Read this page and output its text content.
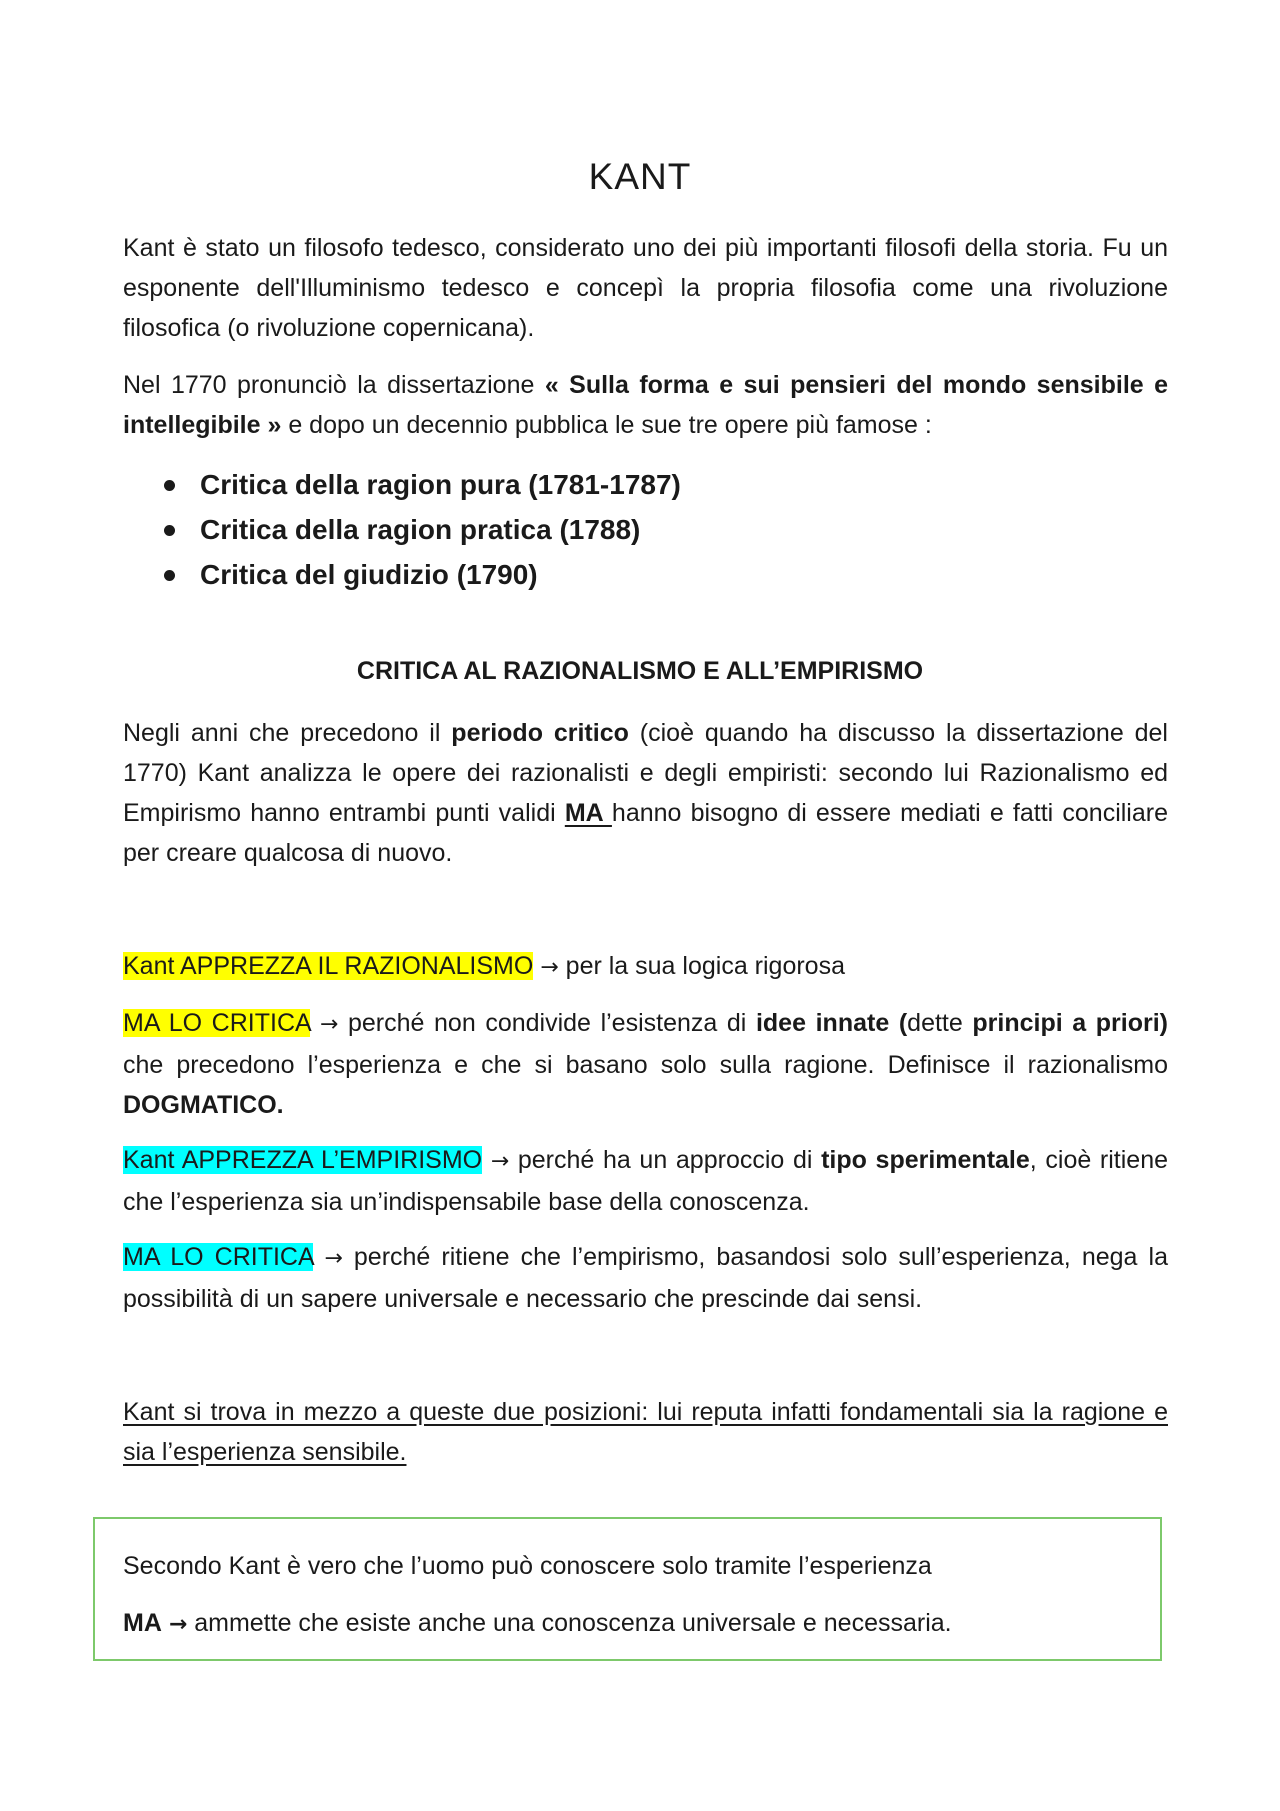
KANT

Kant è stato un filosofo tedesco, considerato uno dei più importanti filosofi della storia. Fu un esponente dell'Illuminismo tedesco e concepì la propria filosofia come una rivoluzione filosofica (o rivoluzione copernicana).

Nel 1770 pronunciò la dissertazione « Sulla forma e sui pensieri del mondo sensibile e intellegibile » e dopo un decennio pubblica le sue tre opere più famose :

Critica della ragion pura (1781-1787)
Critica della ragion pratica (1788)
Critica del giudizio (1790)
CRITICA AL RAZIONALISMO E ALL’EMPIRISMO

Negli anni che precedono il periodo critico (cioè quando ha discusso la dissertazione del 1770) Kant analizza le opere dei razionalisti e degli empiristi: secondo lui Razionalismo ed Empirismo hanno entrambi punti validi MA hanno bisogno di essere mediati e fatti conciliare per creare qualcosa di nuovo.

Kant APPREZZA IL RAZIONALISMO → per la sua logica rigorosa

MA LO CRITICA → perché non condivide l’esistenza di idee innate (dette principi a priori) che precedono l’esperienza e che si basano solo sulla ragione. Definisce il razionalismo DOGMATICO.

Kant APPREZZA L’EMPIRISMO → perché ha un approccio di tipo sperimentale, cioè ritiene che l’esperienza sia un’indispensabile base della conoscenza.

MA LO CRITICA → perché ritiene che l’empirismo, basandosi solo sull’esperienza, nega la possibilità di un sapere universale e necessario che prescinde dai sensi.

Kant si trova in mezzo a queste due posizioni: lui reputa infatti fondamentali sia la ragione e sia l’esperienza sensibile.

Secondo Kant è vero che l’uomo può conoscere solo tramite l’esperienza

MA → ammette che esiste anche una conoscenza universale e necessaria.
